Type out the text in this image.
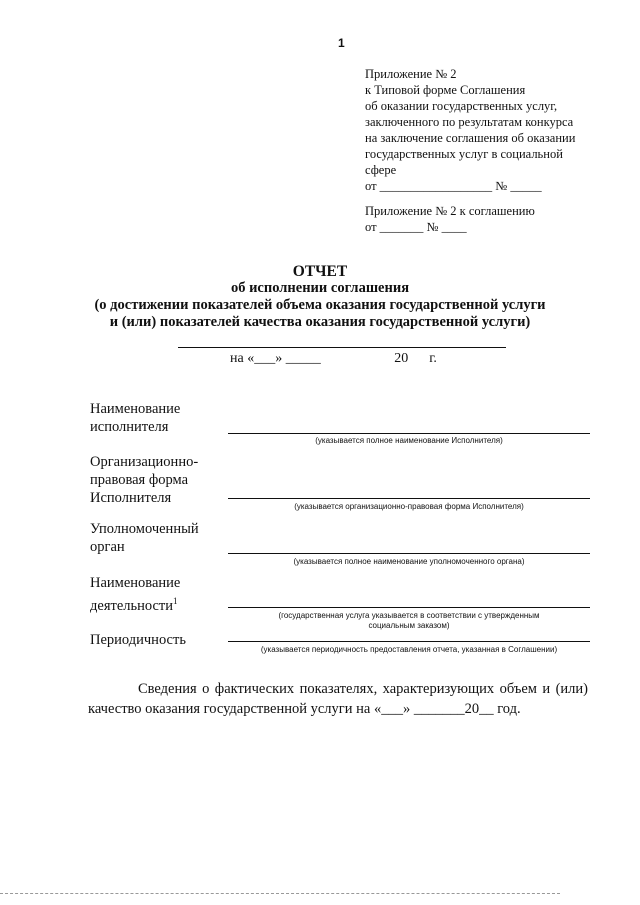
1
Приложение № 2
к Типовой форме Соглашения
об оказании государственных услуг,
заключенного по результатам конкурса
на заключение соглашения об оказании
государственных услуг в социальной
сфере
от __________________ № _____
Приложение № 2 к соглашению
от _______ № ____
ОТЧЕТ
об исполнении соглашения
(о достижении показателей объема оказания государственной услуги
и (или) показателей качества оказания государственной услуги)
на «___» _____                     20      г.
Наименование исполнителя
(указывается полное наименование Исполнителя)
Организационно-правовая форма Исполнителя
(указывается организационно-правовая форма Исполнителя)
Уполномоченный орган
(указывается полное наименование уполномоченного органа)
Наименование деятельности$^1$
(государственная услуга указывается в соответствии с утвержденным
социальным заказом)
Периодичность
(указывается периодичность предоставления отчета, указанная в Соглашении)
Сведения о фактических показателях, характеризующих объем и (или) качество оказания государственной услуги на «___» _______20__ год.
